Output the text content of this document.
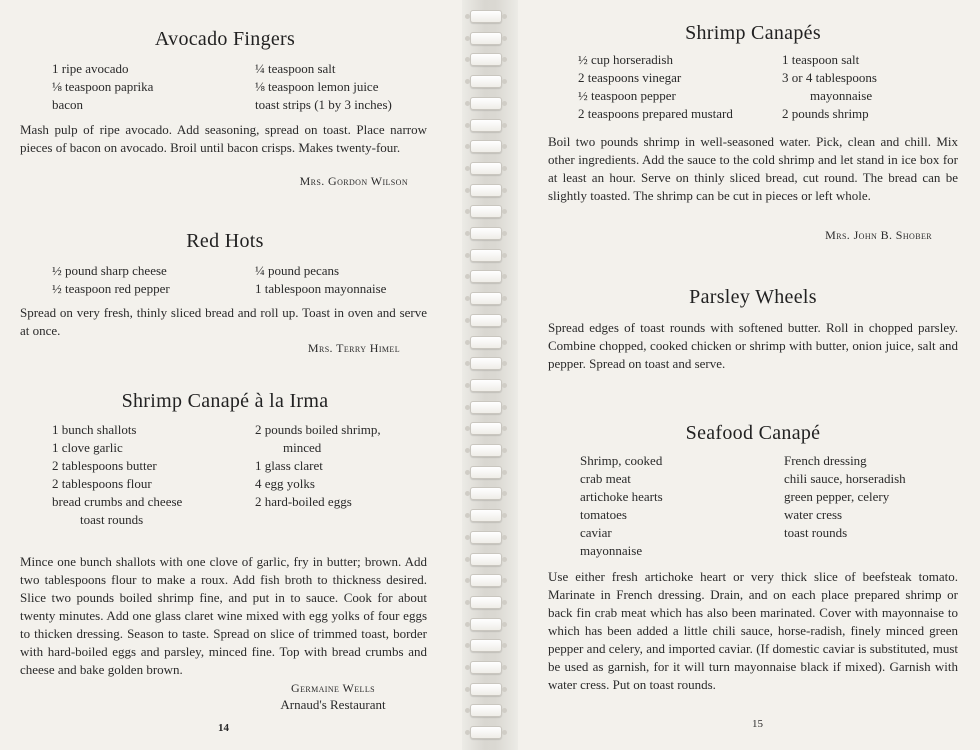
Avocado Fingers
1 ripe avocado
⅛ teaspoon paprika
bacon
¼ teaspoon salt
⅛ teaspoon lemon juice
toast strips (1 by 3 inches)
Mash pulp of ripe avocado. Add seasoning, spread on toast. Place narrow pieces of bacon on avocado. Broil until bacon crisps. Makes twenty-four.
Mrs. Gordon Wilson
Red Hots
½ pound sharp cheese
½ teaspoon red pepper
¼ pound pecans
1 tablespoon mayonnaise
Spread on very fresh, thinly sliced bread and roll up. Toast in oven and serve at once.
Mrs. Terry Himel
Shrimp Canapé à la Irma
1 bunch shallots
1 clove garlic
2 tablespoons butter
2 tablespoons flour
bread crumbs and cheese
toast rounds
2 pounds boiled shrimp,
minced
1 glass claret
4 egg yolks
2 hard-boiled eggs
Mince one bunch shallots with one clove of garlic, fry in butter; brown. Add two tablespoons flour to make a roux. Add fish broth to thickness desired. Slice two pounds boiled shrimp fine, and put in to sauce. Cook for about twenty minutes. Add one glass claret wine mixed with egg yolks of four eggs to thicken dressing. Season to taste. Spread on slice of trimmed toast, border with hard-boiled eggs and parsley, minced fine. Top with bread crumbs and cheese and bake golden brown.
Germaine Wells
Arnaud's Restaurant
14
Shrimp Canapés
½ cup horseradish
2 teaspoons vinegar
½ teaspoon pepper
2 teaspoons prepared mustard
1 teaspoon salt
3 or 4 tablespoons
mayonnaise
2 pounds shrimp
Boil two pounds shrimp in well-seasoned water. Pick, clean and chill. Mix other ingredients. Add the sauce to the cold shrimp and let stand in ice box for at least an hour. Serve on thinly sliced bread, cut round. The bread can be slightly toasted. The shrimp can be cut in pieces or left whole.
Mrs. John B. Shober
Parsley Wheels
Spread edges of toast rounds with softened butter. Roll in chopped parsley. Combine chopped, cooked chicken or shrimp with butter, onion juice, salt and pepper. Spread on toast and serve.
Seafood Canapé
Shrimp, cooked
crab meat
artichoke hearts
tomatoes
caviar
mayonnaise
French dressing
chili sauce, horseradish
green pepper, celery
water cress
toast rounds
Use either fresh artichoke heart or very thick slice of beefsteak tomato. Marinate in French dressing. Drain, and on each place prepared shrimp or back fin crab meat which has also been marinated. Cover with mayonnaise to which has been added a little chili sauce, horse-radish, finely minced green pepper and celery, and imported caviar. (If domestic caviar is substituted, must be used as garnish, for it will turn mayonnaise black if mixed). Garnish with water cress. Put on toast rounds.
15
